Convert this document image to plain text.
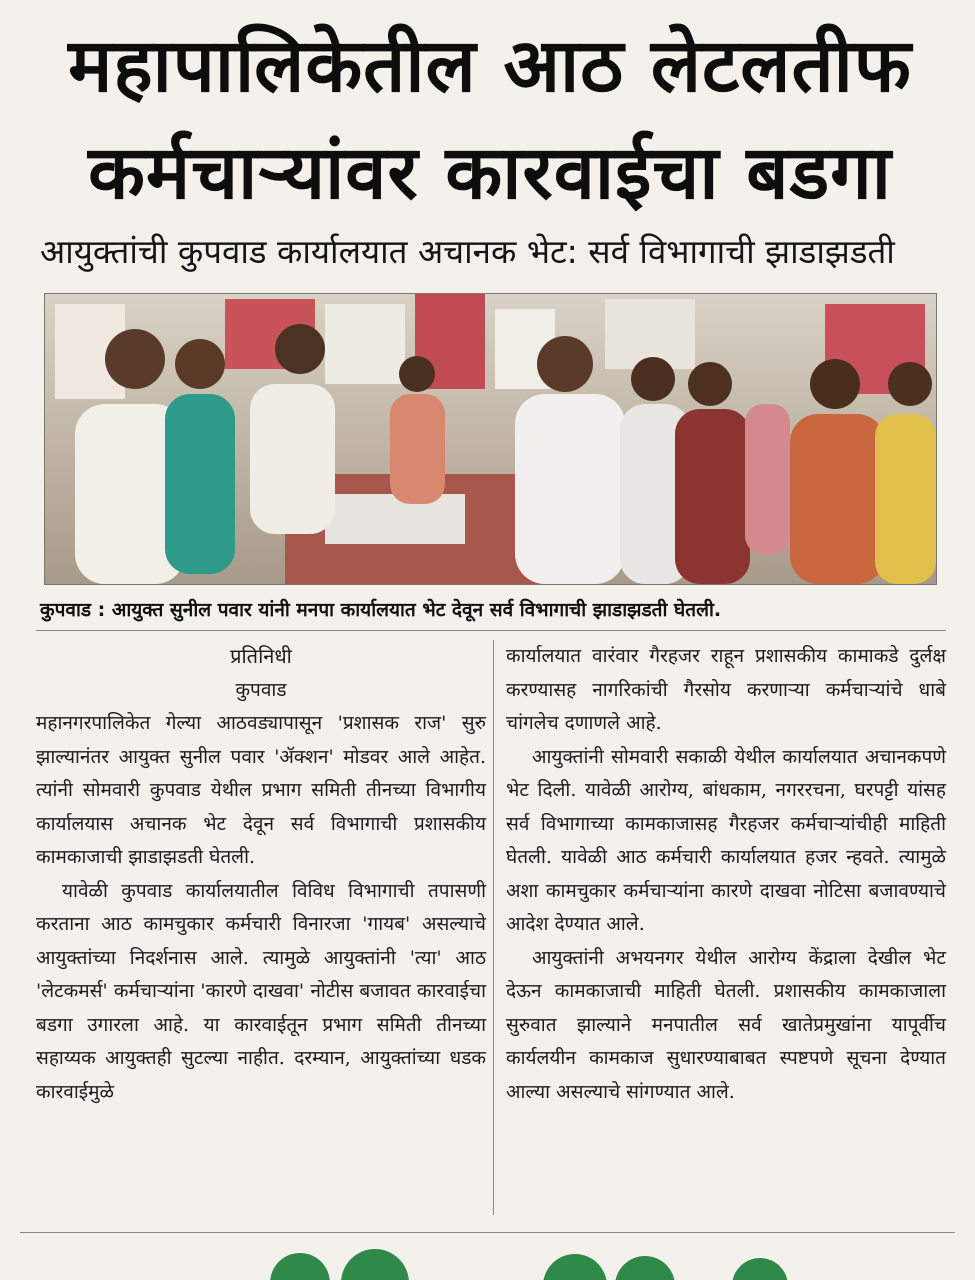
महापालिकेतील आठ लेटलतीफ
कर्मचाऱ्यांवर कारवाईचा बडगा
आयुक्तांची कुपवाड कार्यालयात अचानक भेट: सर्व विभागाची झाडाझडती
कुपवाड : आयुक्त सुनील पवार यांनी मनपा कार्यालयात भेट देवून सर्व विभागाची झाडाझडती घेतली.

प्रतिनिधी

कुपवाड

महानगरपालिकेत गेल्या आठवड्यापासून 'प्रशासक राज' सुरु झाल्यानंतर आयुक्त सुनील पवार 'ॲक्शन' मोडवर आले आहेत. त्यांनी सोमवारी कुपवाड येथील प्रभाग समिती तीनच्या विभागीय कार्यालयास अचानक भेट देवून सर्व विभागाची प्रशासकीय कामकाजाची झाडाझडती घेतली.

यावेळी कुपवाड कार्यालयातील विविध विभागाची तपासणी करताना आठ कामचुकार कर्मचारी विनारजा 'गायब' असल्याचे आयुक्तांच्या निदर्शनास आले. त्यामुळे आयुक्तांनी 'त्या' आठ 'लेटकमर्स' कर्मचाऱ्यांना 'कारणे दाखवा' नोटीस बजावत कारवाईचा बडगा उगारला आहे. या कारवाईतून प्रभाग समिती तीनच्या सहाय्यक आयुक्तही सुटल्या नाहीत. दरम्यान, आयुक्तांच्या धडक कारवाईमुळे

कार्यालयात वारंवार गैरहजर राहून प्रशासकीय कामाकडे दुर्लक्ष करण्यासह नागरिकांची गैरसोय करणाऱ्या कर्मचाऱ्यांचे धाबे चांगलेच दणाणले आहे.

आयुक्तांनी सोमवारी सकाळी येथील कार्यालयात अचानकपणे भेट दिली. यावेळी आरोग्य, बांधकाम, नगररचना, घरपट्टी यांसह सर्व विभागाच्या कामकाजासह गैरहजर कर्मचाऱ्यांचीही माहिती घेतली. यावेळी आठ कर्मचारी कार्यालयात हजर न्हवते. त्यामुळे अशा कामचुकार कर्मचाऱ्यांना कारणे दाखवा नोटिसा बजावण्याचे आदेश देण्यात आले.

आयुक्तांनी अभयनगर येथील आरोग्य केंद्राला देखील भेट देऊन कामकाजाची माहिती घेतली. प्रशासकीय कामकाजाला सुरुवात झाल्याने मनपातील सर्व खातेप्रमुखांना यापूर्वीच कार्यलयीन कामकाज सुधारण्याबाबत स्पष्टपणे सूचना देण्यात आल्या असल्याचे सांगण्यात आले.
